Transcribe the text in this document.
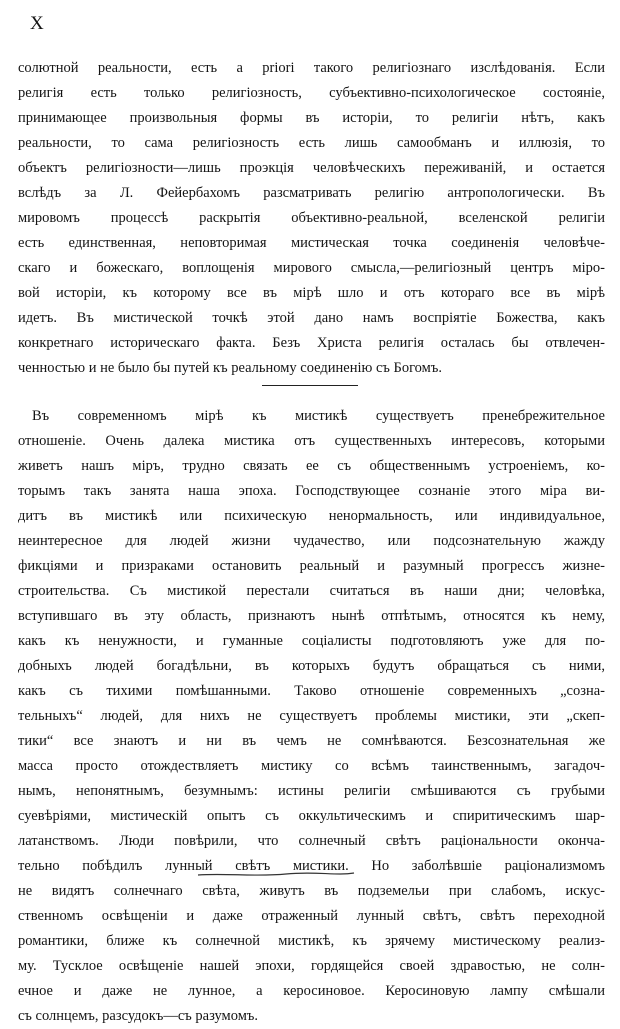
X
солютной реальности, есть a priori такого религіознаго изслѣдованія. Если
религія есть только религіозность, субъективно-психологическое состояніе,
принимающее произвольныя формы въ исторіи, то религіи нѣтъ, какъ
реальности, то сама религіозность есть лишь самообманъ и иллюзія, то
объектъ религіозности—лишь проэкція человѣческихъ переживаній, и остается
вслѣдъ за Л. Фейербахомъ разсматривать религію антропологически. Въ
мировомъ процессѣ раскрытія объективно-реальной, вселенской религіи
есть единственная, неповторимая мистическая точка соединенія человѣче-
скаго и божескаго, воплощенія мирового смысла,—религіозный центръ міро-
вой исторіи, къ которому все въ мірѣ шло и отъ котораго все въ мірѣ
идетъ. Въ мистической точкѣ этой дано намъ воспріятіе Божества, какъ
конкретнаго историческаго факта. Безъ Христа религія осталась бы отвлечен-
ченностью и не было бы путей къ реальному соединенію съ Богомъ.
Въ современномъ мірѣ къ мистикѣ существуетъ пренебрежительное
отношеніе. Очень далека мистика отъ существенныхъ интересовъ, которыми
живетъ нашъ міръ, трудно связать ее съ общественнымъ устроеніемъ, ко-
торымъ такъ занята наша эпоха. Господствующее сознаніе этого міра ви-
дитъ въ мистикѣ или психическую ненормальность, или индивидуальное,
неинтересное для людей жизни чудачество, или подсознательную жажду
фикціями и призраками остановить реальный и разумный прогрессъ жизне-
строительства. Съ мистикой перестали считаться въ наши дни; человѣка,
вступившаго въ эту область, признаютъ нынѣ отпѣтымъ, относятся къ нему,
какъ къ ненужности, и гуманные соціалисты подготовляютъ уже для по-
добныхъ людей богадѣльни, въ которыхъ будутъ обращаться съ ними,
какъ съ тихими помѣшанными. Таково отношеніе современныхъ „сознa-
тельныхъ“ людей, для нихъ не существуетъ проблемы мистики, эти „скеп-
тики“ все знаютъ и ни въ чемъ не сомнѣваются. Безсознательная же
масса просто отождествляетъ мистику со всѣмъ таинственнымъ, загадоч-
нымъ, непонятнымъ, безумнымъ: истины религіи смѣшиваются съ грубыми
суевѣріями, мистическій опытъ съ оккультическимъ и спиритическимъ шар-
латанствомъ. Люди повѣрили, что солнечный свѣтъ раціональности оконча-
тельно побѣдилъ лунный свѣтъ мистики. Но заболѣвшіе раціонализмомъ
не видятъ солнечнаго свѣта, живутъ въ подземельи при слабомъ, искус-
ственномъ освѣщеніи и даже отраженный лунный свѣтъ, свѣтъ переходной
романтики, ближе къ солнечной мистикѣ, къ зрячему мистическому реализ-
му. Тусклое освѣщеніе нашей эпохи, гордящейся своей здравостью, не солн-
ечное и даже не лунное, а керосиновое. Керосиновую лампу смѣшали
съ солнцемъ, разсудокъ—съ разумомъ.
